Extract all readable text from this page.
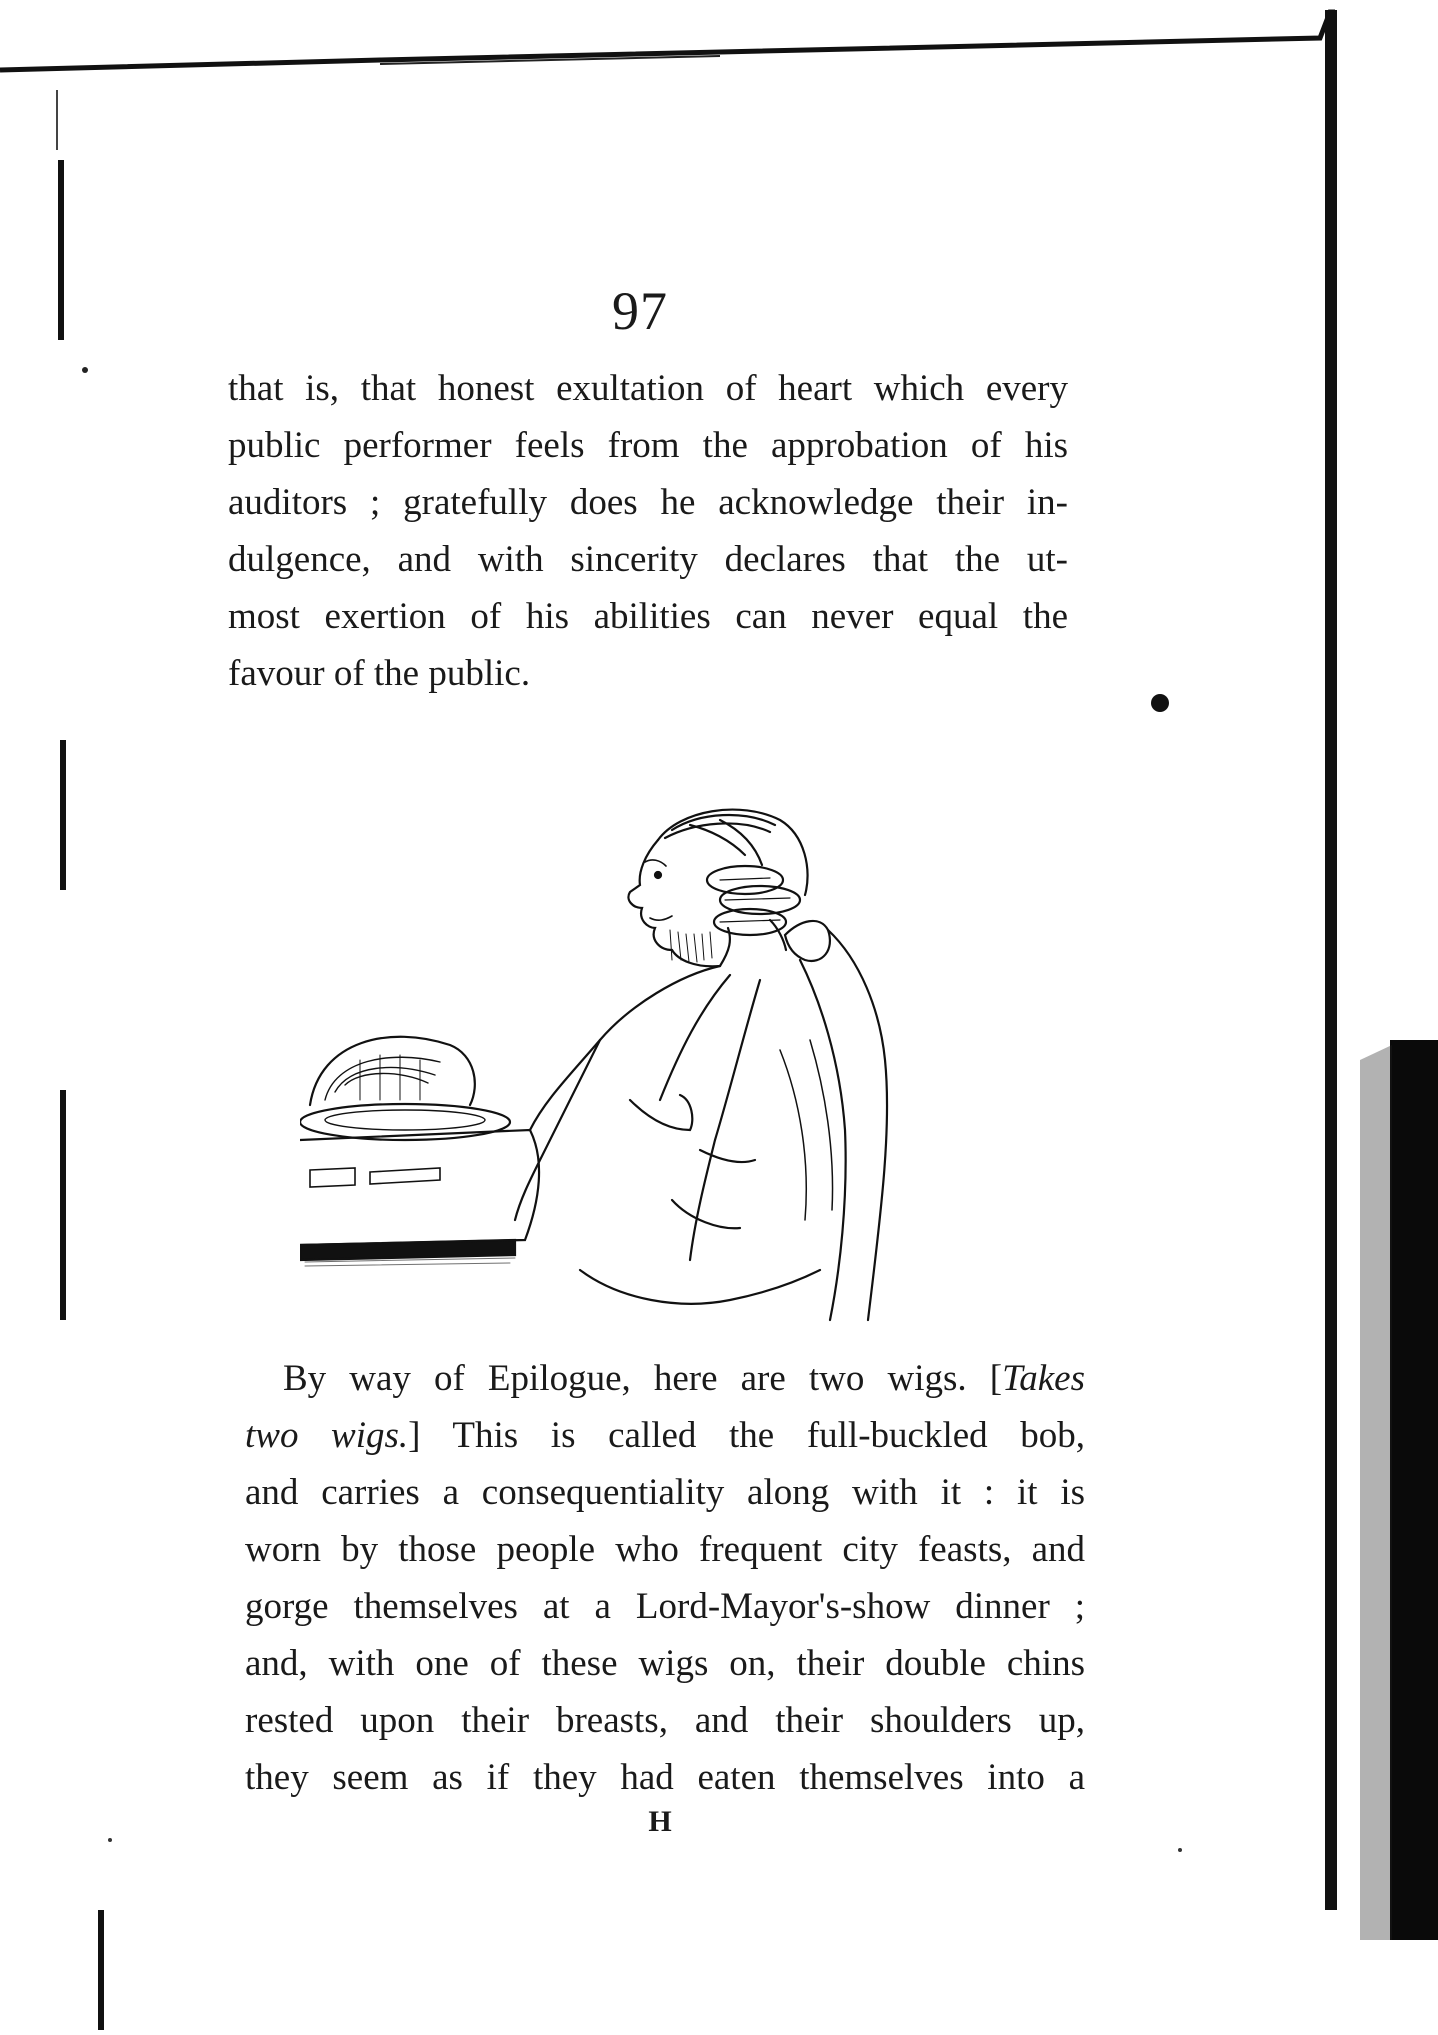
97
that is, that honest exultation of heart which every
public performer feels from the approbation of his
auditors ; gratefully does he acknowledge their in-
dulgence, and with sincerity declares that the ut-
most exertion of his abilities can never equal the
favour of the public.
By way of Epilogue, here are two wigs. [Takes
two wigs.] This is called the full-buckled bob,
and carries a consequentiality along with it : it is
worn by those people who frequent city feasts, and
gorge themselves at a Lord-Mayor's-show dinner ;
and, with one of these wigs on, their double chins
rested upon their breasts, and their shoulders up,
they seem as if they had eaten themselves into a
H
